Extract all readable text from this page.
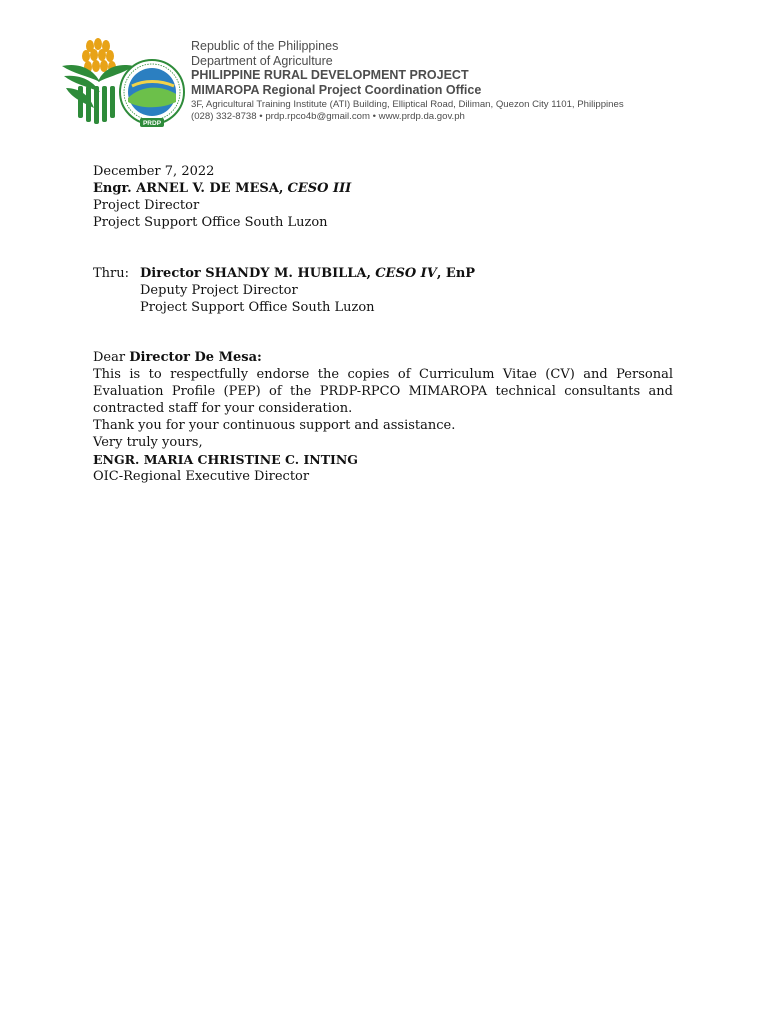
PRDP
Republic of the Philippines
Department of Agriculture
PHILIPPINE RURAL DEVELOPMENT PROJECT
MIMAROPA Regional Project Coordination Office
3F, Agricultural Training Institute (ATI) Building, Elliptical Road, Diliman, Quezon City 1101, Philippines
(028) 332-8738 • prdp.rpco4b@gmail.com • www.prdp.da.gov.ph

December 7, 2022

Engr. ARNEL V. DE MESA, CESO III

Project Director

Project Support Office South Luzon

Thru: Director SHANDY M. HUBILLA, CESO IV, EnP

Deputy Project Director

Project Support Office South Luzon

Dear Director De Mesa:

This is to respectfully endorse the copies of Curriculum Vitae (CV) and Personal Evaluation Profile (PEP) of the PRDP-RPCO MIMAROPA technical consultants and contracted staff for your consideration.

Thank you for your continuous support and assistance.

Very truly yours,

ENGR. MARIA CHRISTINE C. INTING

OIC-Regional Executive Director
